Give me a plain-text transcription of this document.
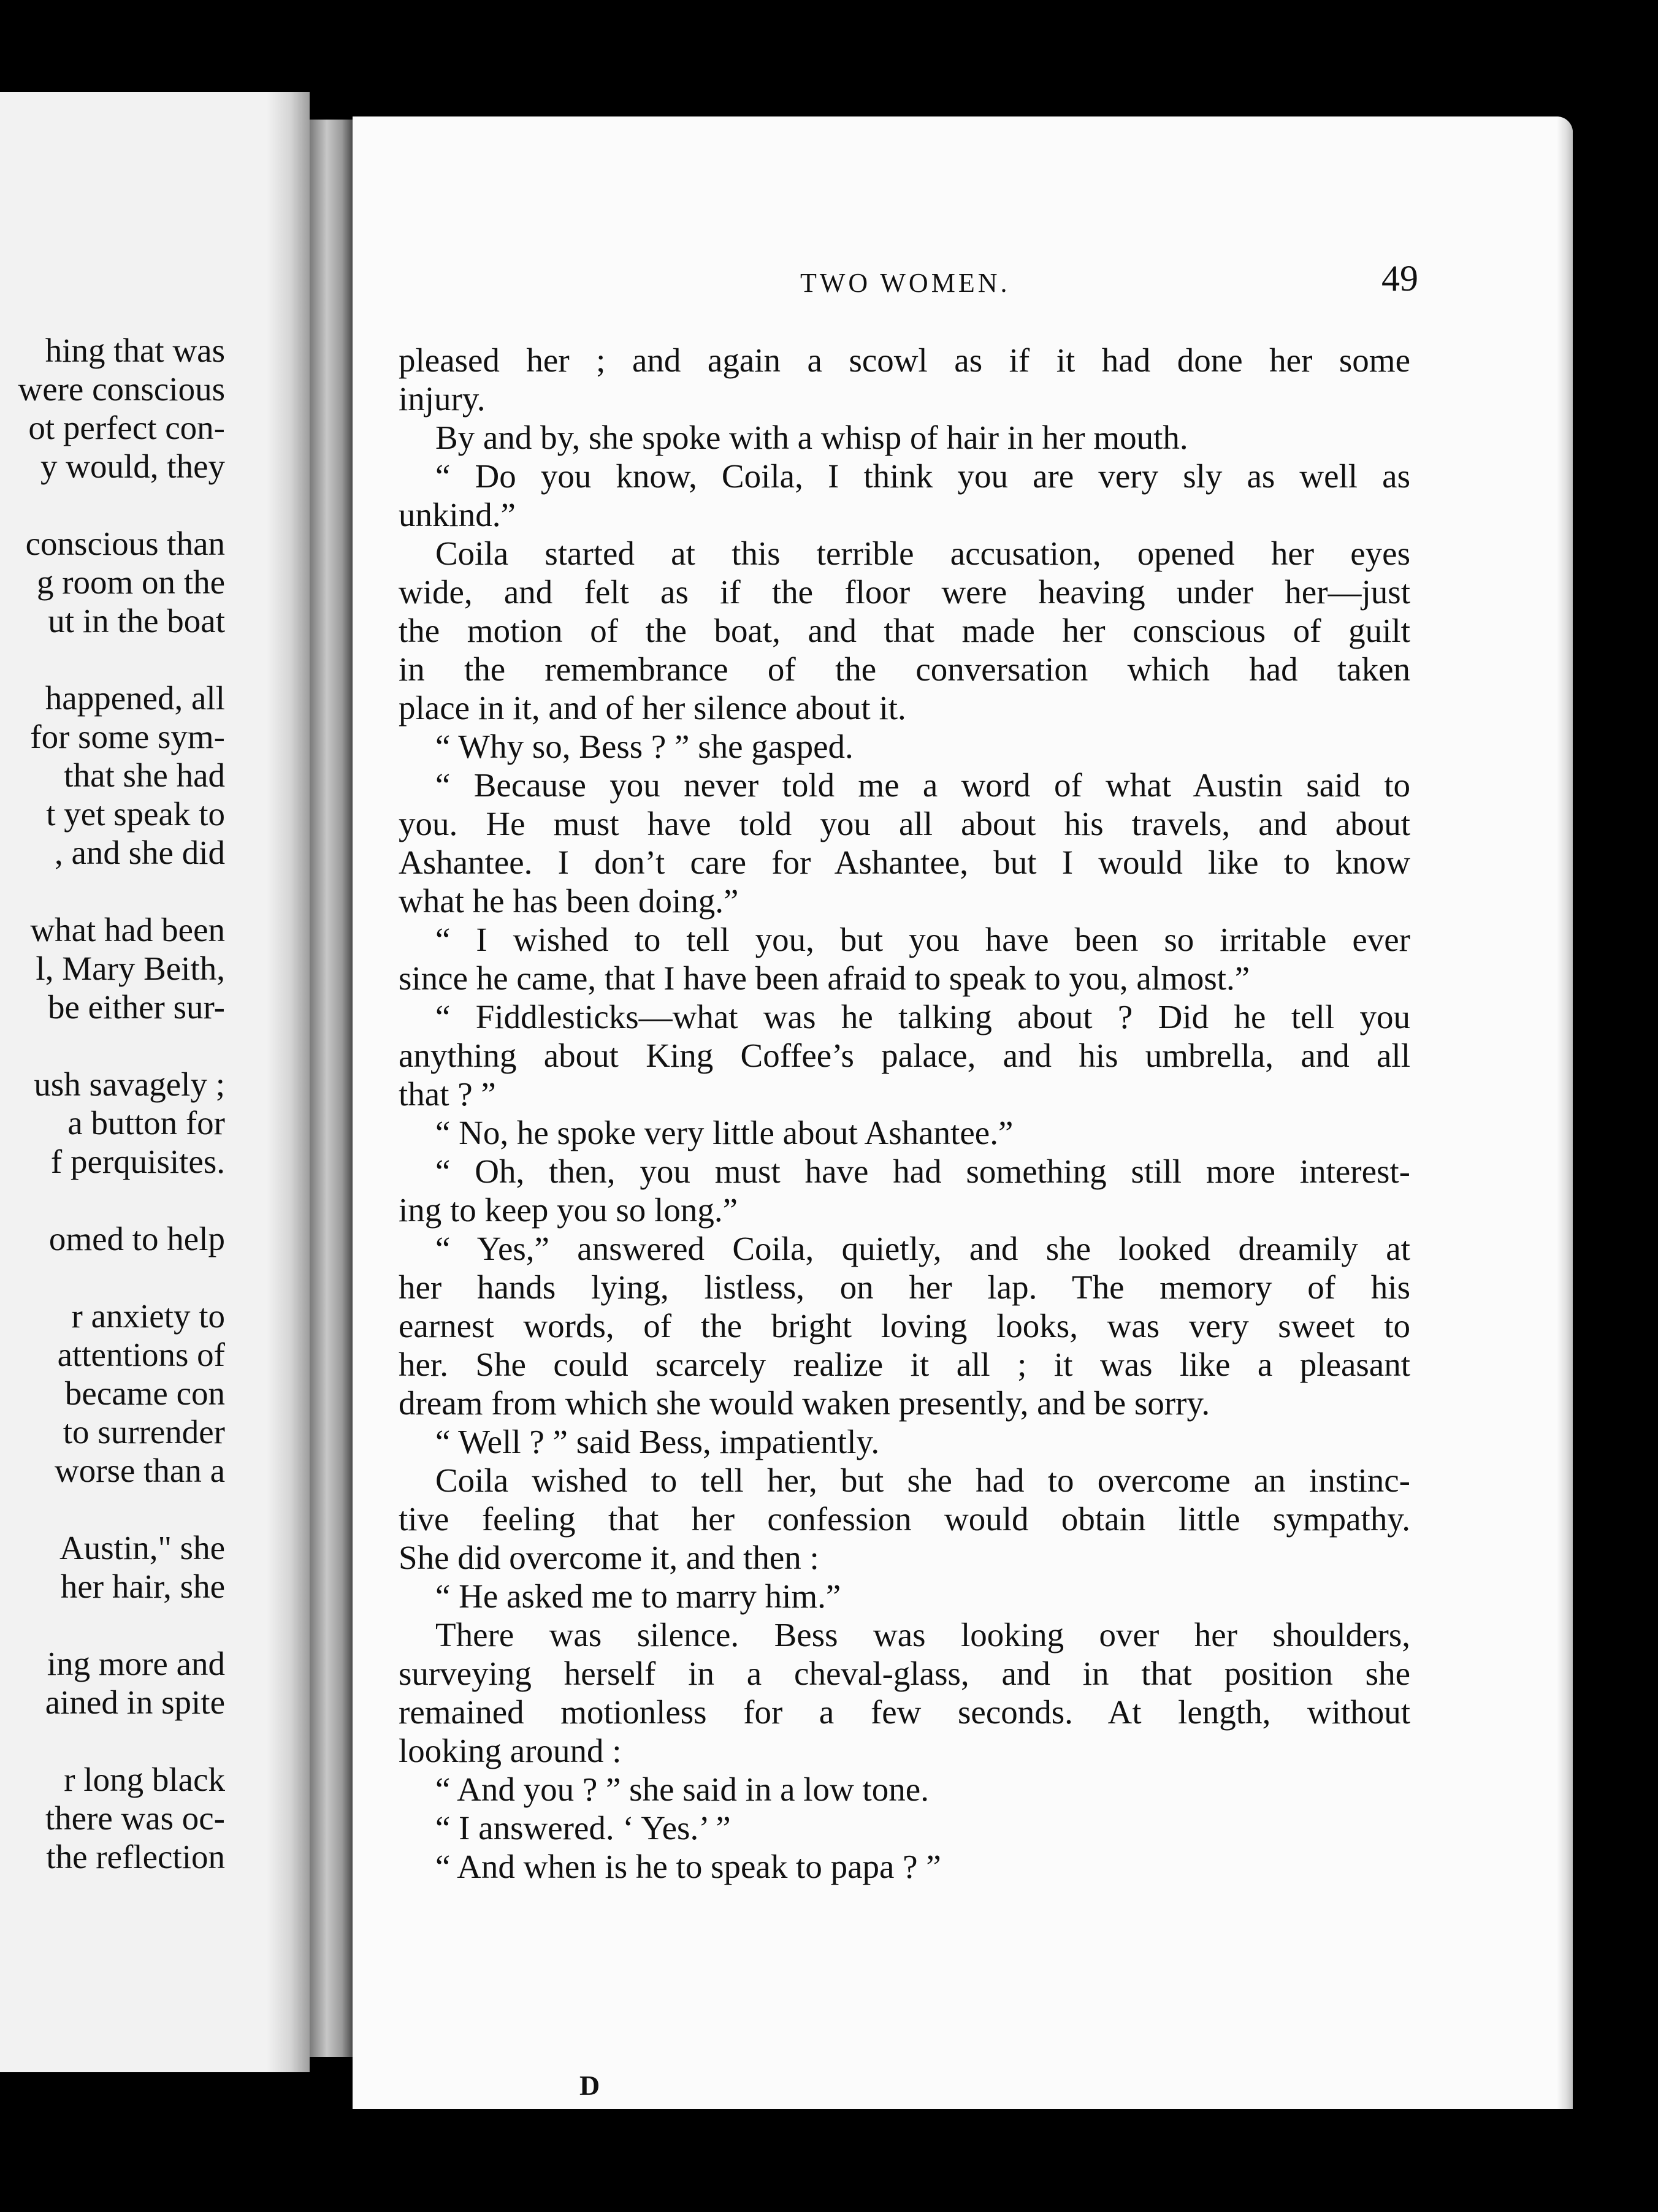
hing that was
were conscious
ot perfect con-
y would, they
conscious than
g room on the
ut in the boat
happened, all
for some sym-
that she had
t yet speak to
, and she did
what had been
l, Mary Beith,
be either sur-
ush savagely ;
a button for
f perquisites.
omed to help
r anxiety to
attentions of
became con
to surrender
worse than a
Austin," she
her hair, she
ing more and
ained in spite
r long black
there was oc-
the reflection
TWO WOMEN.	49
pleased her ; and again a scowl as if it had done her some
injury.
By and by, she spoke with a whisp of hair in her mouth.
“ Do you know, Coila, I think you are very sly as well as
unkind.”
Coila started at this terrible accusation, opened her eyes
wide, and felt as if the floor were heaving under her—just
the motion of the boat, and that made her conscious of guilt
in the remembrance of the conversation which had taken
place in it, and of her silence about it.
“ Why so, Bess ? ” she gasped.
“ Because you never told me a word of what Austin said to
you. He must have told you all about his travels, and about
Ashantee. I don’t care for Ashantee, but I would like to know
what he has been doing.”
“ I wished to tell you, but you have been so irritable ever
since he came, that I have been afraid to speak to you, almost.”
“ Fiddlesticks—what was he talking about ? Did he tell you
anything about King Coffee’s palace, and his umbrella, and all
that ? ”
“ No, he spoke very little about Ashantee.”
“ Oh, then, you must have had something still more interest-
ing to keep you so long.”
“ Yes,” answered Coila, quietly, and she looked dreamily at
her hands lying, listless, on her lap. The memory of his
earnest words, of the bright loving looks, was very sweet to
her. She could scarcely realize it all ; it was like a pleasant
dream from which she would waken presently, and be sorry.
“ Well ? ” said Bess, impatiently.
Coila wished to tell her, but she had to overcome an instinc-
tive feeling that her confession would obtain little sympathy.
She did overcome it, and then :
“ He asked me to marry him.”
There was silence. Bess was looking over her shoulders,
surveying herself in a cheval-glass, and in that position she
remained motionless for a few seconds. At length, without
looking around :
“ And you ? ” she said in a low tone.
“ I answered. ‘ Yes.’ ”
“ And when is he to speak to papa ? ”
D
